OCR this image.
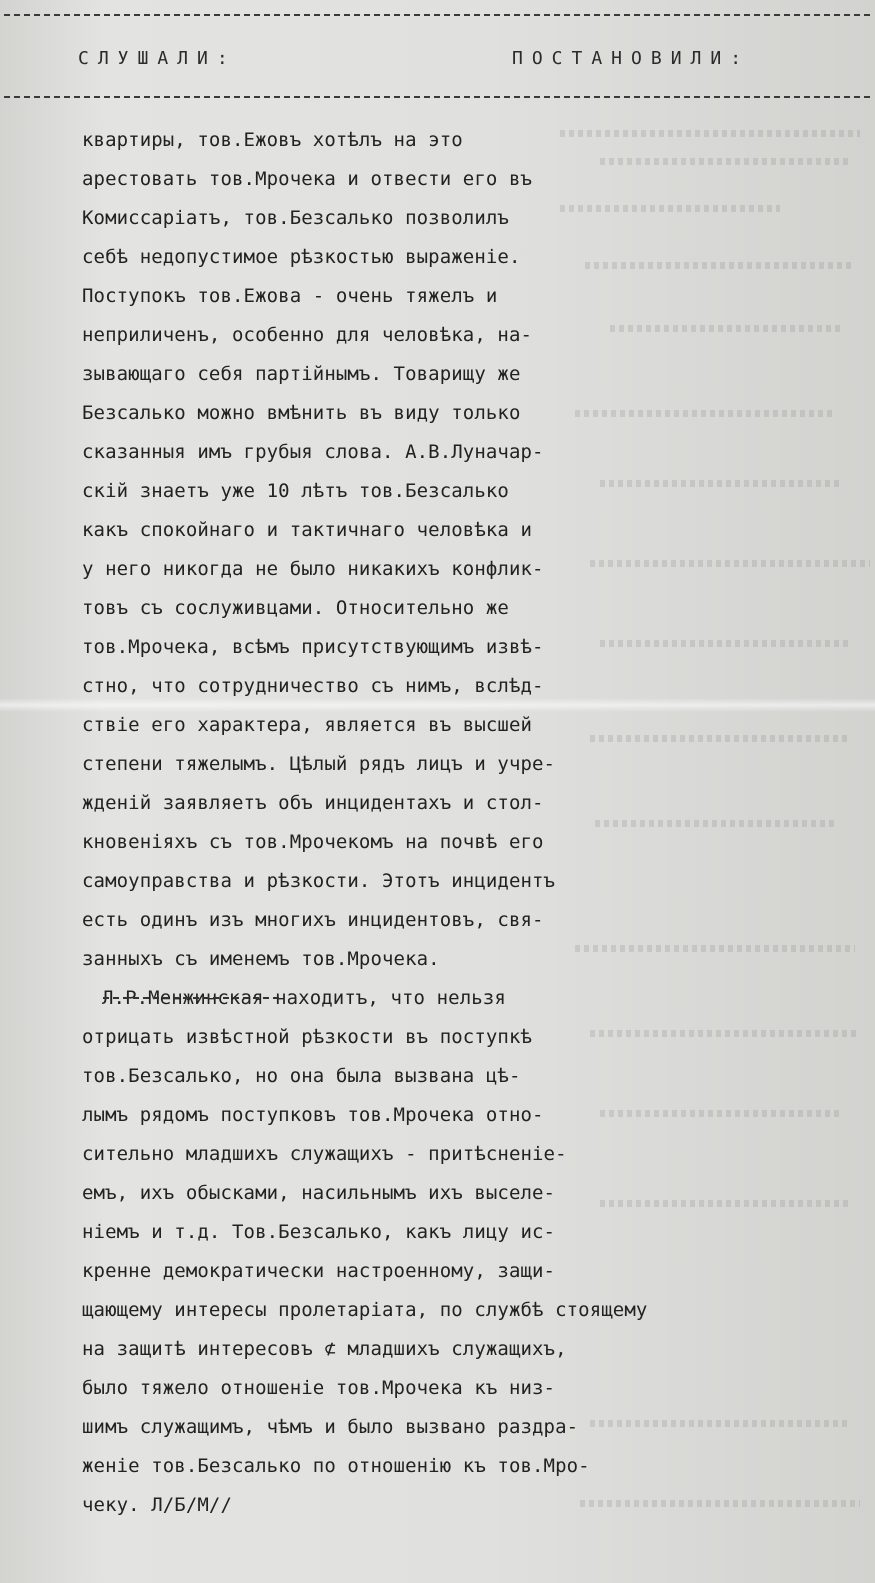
СЛУШАЛИ:	ПОСТАНОВИЛИ:
квартиры, тов.Ежовъ хотѣлъ на это
арестовать тов.Мрочека и отвести его въ
Комиссаріатъ, тов.Безсалько позволилъ
себѣ недопустимое рѣзкостью выраженіе.
Поступокъ тов.Ежова - очень тяжелъ и
неприличенъ, особенно для человѣка, на-
зывающаго себя партійнымъ. Товарищу же
Безсалько можно вмѣнить въ виду только
сказанныя имъ грубыя слова. А.В.Луначар-
скій знаетъ уже 10 лѣтъ тов.Безсалько
какъ спокойнаго и тактичнаго человѣка и
у него никогда не было никакихъ конфлик-
товъ съ сослуживцами. Относительно же
тов.Мрочека, всѣмъ присутствующимъ извѣ-
стно, что сотрудничество съ нимъ, вслѣд-
ствіе его характера, является въ высшей
степени тяжелымъ. Цѣлый рядъ лицъ и учре-
жденій заявляетъ объ инцидентахъ и стол-
кновеніяхъ съ тов.Мрочекомъ на почвѣ его
самоуправства и рѣзкости. Этотъ инцидентъ
есть одинъ изъ многихъ инцидентовъ, свя-
занныхъ съ именемъ тов.Мрочека.
Л.Р.Менжинская находитъ, что нельзя
отрицать извѣстной рѣзкости въ поступкѣ
тов.Безсалько, но она была вызвана цѣ-
лымъ рядомъ поступковъ тов.Мрочека отно-
сительно младшихъ служащихъ - притѣсненіе-
емъ, ихъ обысками, насильнымъ ихъ выселе-
ніемъ и т.д. Тов.Безсалько, какъ лицу ис-
кренне демократически настроенному, защи-
щающему интересы пролетаріата, по службѣ стоящему
на защитѣ интересовъ ⊄ младшихъ служащихъ,
было тяжело отношеніе тов.Мрочека къ низ-
шимъ служащимъ, чѣмъ и было вызвано раздра-
женіе тов.Безсалько по отношенію къ тов.Мро-
чеку. Л/Б/М//
